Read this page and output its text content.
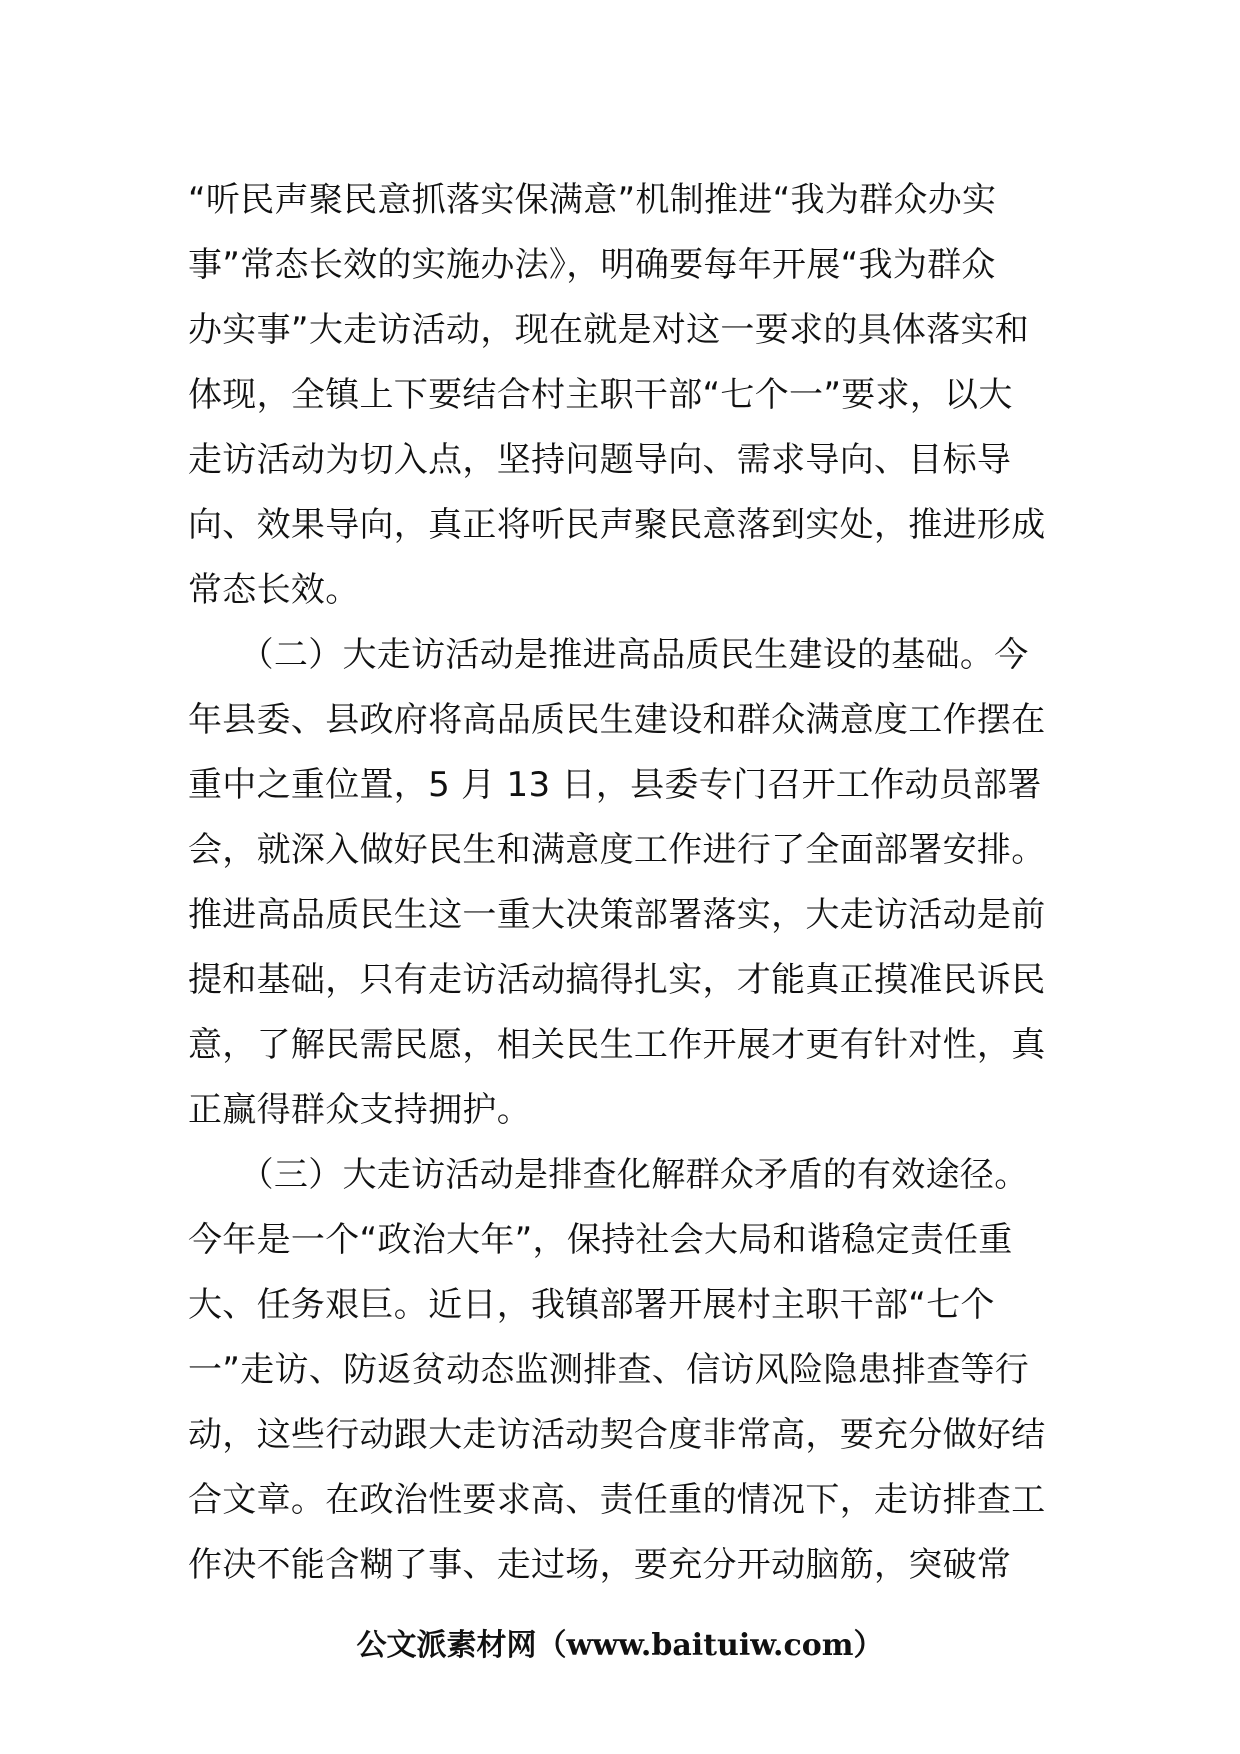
“听民声聚民意抓落实保满意”机制推进“我为群众办实
事”常态长效的实施办法》，明确要每年开展“我为群众
办实事”大走访活动，现在就是对这一要求的具体落实和
体现，全镇上下要结合村主职干部“七个一”要求，以大
走访活动为切入点，坚持问题导向、需求导向、目标导
向、效果导向，真正将听民声聚民意落到实处，推进形成
常态长效。
　　（二）大走访活动是推进高品质民生建设的基础。今
年县委、县政府将高品质民生建设和群众满意度工作摆在
重中之重位置，5 月 13 日，县委专门召开工作动员部署
会，就深入做好民生和满意度工作进行了全面部署安排。
推进高品质民生这一重大决策部署落实，大走访活动是前
提和基础，只有走访活动搞得扎实，才能真正摸准民诉民
意，了解民需民愿，相关民生工作开展才更有针对性，真
正赢得群众支持拥护。
　　（三）大走访活动是排查化解群众矛盾的有效途径。
今年是一个“政治大年”，保持社会大局和谐稳定责任重
大、任务艰巨。近日，我镇部署开展村主职干部“七个
一”走访、防返贫动态监测排查、信访风险隐患排查等行
动，这些行动跟大走访活动契合度非常高，要充分做好结
合文章。在政治性要求高、责任重的情况下，走访排查工
作决不能含糊了事、走过场，要充分开动脑筋，突破常
公文派素材网（www.baituiw.com）
